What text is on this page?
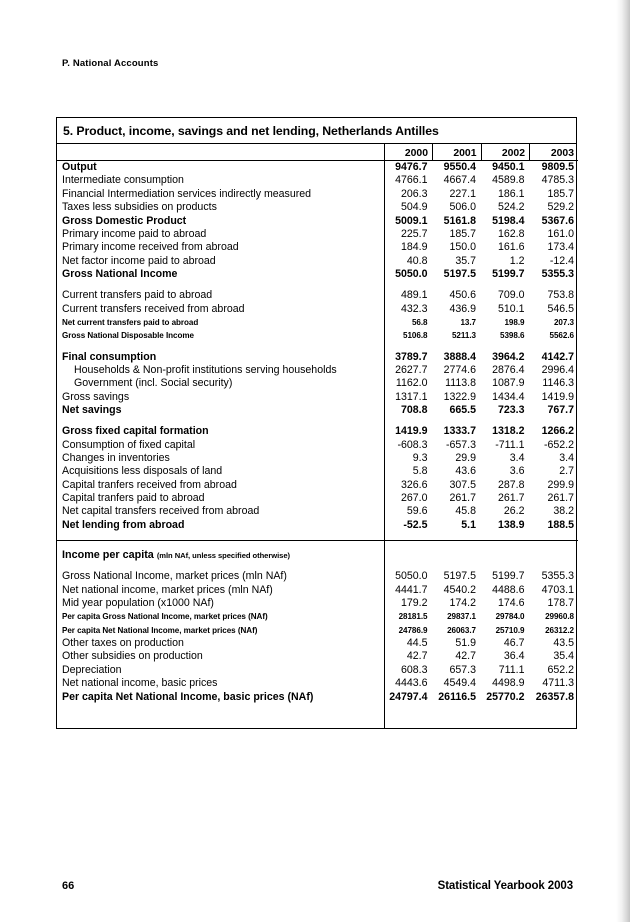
P. National Accounts
5. Product, income, savings and net lending, Netherlands Antilles
	2000	2001	2002	2003
Output	9476.7	9550.4	9450.1	9809.5
Intermediate consumption	4766.1	4667.4	4589.8	4785.3
Financial Intermediation services indirectly measured	206.3	227.1	186.1	185.7
Taxes less subsidies on products	504.9	506.0	524.2	529.2
Gross Domestic Product	5009.1	5161.8	5198.4	5367.6
Primary income paid to abroad	225.7	185.7	162.8	161.0
Primary income received from abroad	184.9	150.0	161.6	173.4
Net factor income paid to abroad	40.8	35.7	1.2	-12.4
Gross National Income	5050.0	5197.5	5199.7	5355.3

Current transfers paid to abroad	489.1	450.6	709.0	753.8
Current transfers received from abroad	432.3	436.9	510.1	546.5
Net current transfers paid to abroad	56.8	13.7	198.9	207.3
Gross National Disposable Income	5106.8	5211.3	5398.6	5562.6

Final consumption	3789.7	3888.4	3964.2	4142.7
Households & Non-profit institutions serving households	2627.7	2774.6	2876.4	2996.4
Government (incl. Social security)	1162.0	1113.8	1087.9	1146.3
Gross savings	1317.1	1322.9	1434.4	1419.9
Net savings	708.8	665.5	723.3	767.7

Gross fixed capital formation	1419.9	1333.7	1318.2	1266.2
Consumption of fixed capital	-608.3	-657.3	-711.1	-652.2
Changes in inventories	9.3	29.9	3.4	3.4
Acquisitions less disposals of land	5.8	43.6	3.6	2.7
Capital tranfers received from abroad	326.6	307.5	287.8	299.9
Capital tranfers paid to abroad	267.0	261.7	261.7	261.7
Net capital transfers received from abroad	59.6	45.8	26.2	38.2
Net lending from abroad	-52.5	5.1	138.9	188.5

Income per capita (mln NAf, unless specified otherwise)				

Gross National Income, market prices (mln NAf)	5050.0	5197.5	5199.7	5355.3
Net national income, market prices (mln NAf)	4441.7	4540.2	4488.6	4703.1
Mid year population (x1000 NAf)	179.2	174.2	174.6	178.7
Per capita Gross National Income, market prices (NAf)	28181.5	29837.1	29784.0	29960.8
Per capita Net National Income, market prices (NAf)	24786.9	26063.7	25710.9	26312.2
Other taxes on production	44.5	51.9	46.7	43.5
Other subsidies on production	42.7	42.7	36.4	35.4
Depreciation	608.3	657.3	711.1	652.2
Net national income, basic prices	4443.6	4549.4	4498.9	4711.3
Per capita Net National Income, basic prices (NAf)	24797.4	26116.5	25770.2	26357.8

66	Statistical Yearbook 2003
